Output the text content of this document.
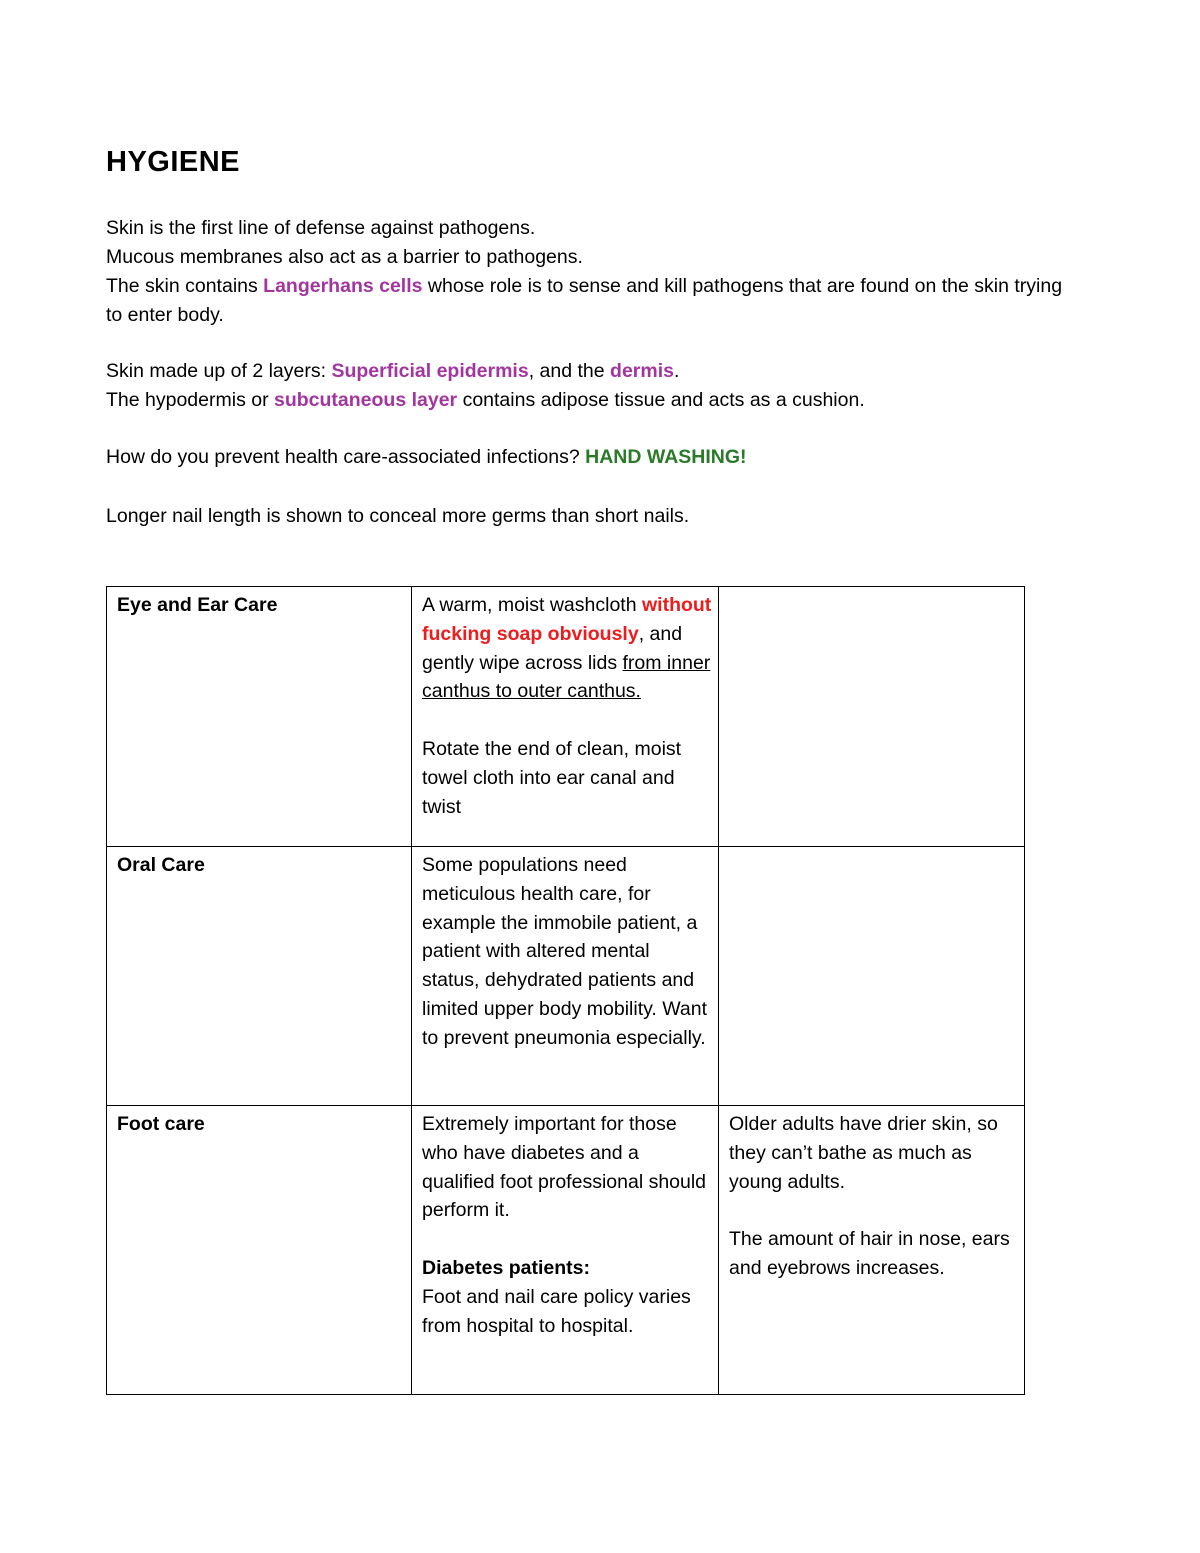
HYGIENE

Skin is the first line of defense against pathogens.
Mucous membranes also act as a barrier to pathogens.
The skin contains Langerhans cells whose role is to sense and kill pathogens that are found on the skin trying to enter body.

Skin made up of 2 layers: Superficial epidermis, and the dermis.
The hypodermis or subcutaneous layer contains adipose tissue and acts as a cushion.

How do you prevent health care-associated infections? HAND WASHING!

Longer nail length is shown to conceal more germs than short nails.

Eye and Ear Care	A warm, moist washcloth without fucking soap obviously, and gently wipe across lids from inner canthus to outer canthus.
Rotate the end of clean, moist towel cloth into ear canal and twist	
Oral Care	Some populations need meticulous health care, for example the immobile patient, a patient with altered mental status, dehydrated patients and limited upper body mobility. Want to prevent pneumonia especially.	
Foot care	Extremely important for those who have diabetes and a qualified foot professional should perform it.
Diabetes patients:
Foot and nail care policy varies from hospital to hospital.	Older adults have drier skin, so they can’t bathe as much as young adults.
The amount of hair in nose, ears and eyebrows increases.
